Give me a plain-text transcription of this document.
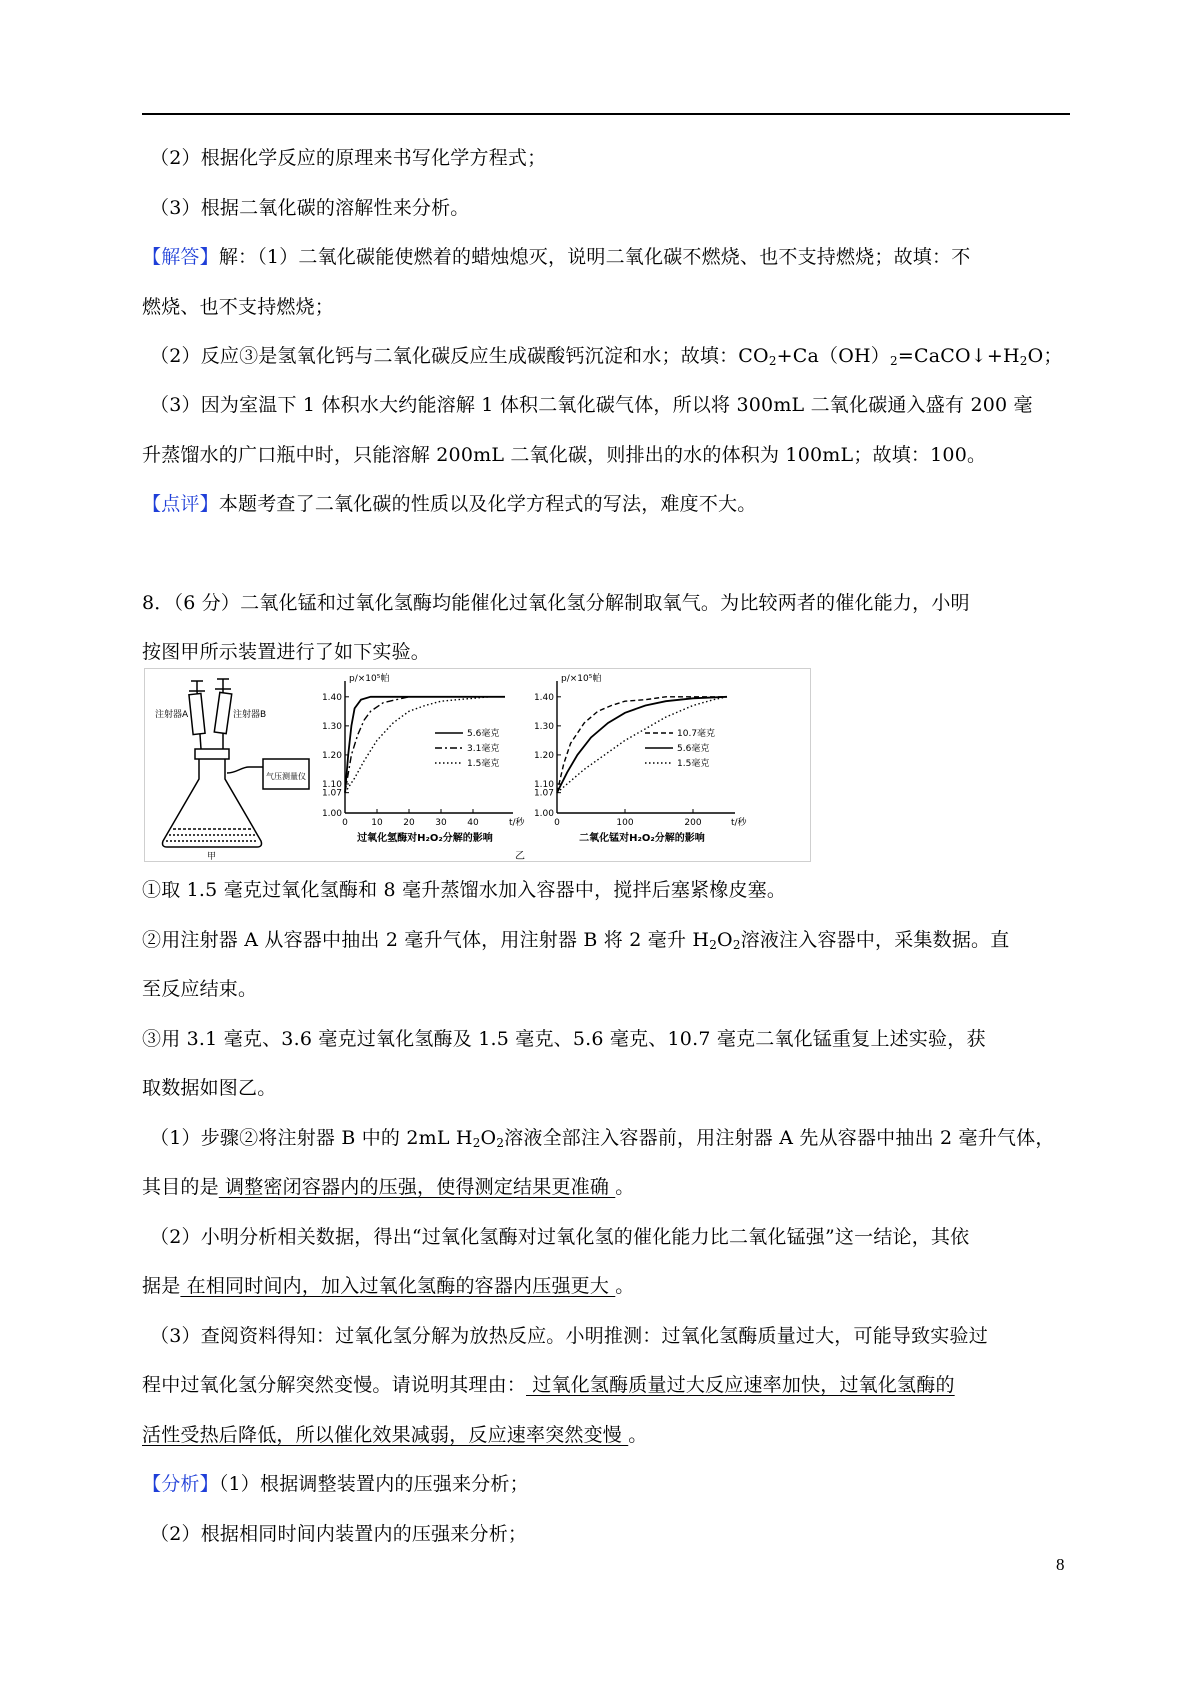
（2）根据化学反应的原理来书写化学方程式；
（3）根据二氧化碳的溶解性来分析。
【解答】解：（1）二氧化碳能使燃着的蜡烛熄灭，说明二氧化碳不燃烧、也不支持燃烧；故填：不
燃烧、也不支持燃烧；
（2）反应③是氢氧化钙与二氧化碳反应生成碳酸钙沉淀和水；故填：$CO_2+Ca(OH)_2=CaCO↓+H_2O$；
（3）因为室温下 1 体积水大约能溶解 1 体积二氧化碳气体，所以将 300mL 二氧化碳通入盛有 200 毫
升蒸馏水的广口瓶中时，只能溶解 200mL 二氧化碳，则排出的水的体积为 100mL；故填：100。
【点评】本题考查了二氧化碳的性质以及化学方程式的写法，难度不大。
8．（6 分）二氧化锰和过氧化氢酶均能催化过氧化氢分解制取氧气。为比较两者的催化能力，小明
按图甲所示装置进行了如下实验。
注射器A	注射器B
气压测量仪
甲	乙
1.00
1.07
1.10
1.20
1.30
1.40
0	10 20 30 40
p/×10⁵帕
t/秒
过氧化氢酶对H₂O₂分解的影响
5.6毫克
3.1毫克
1.5毫克
1.00
1.07
1.10
1.20
1.30
1.40
0	100	200
p/×10⁵帕
t/秒
二氧化锰对H₂O₂分解的影响
10.7毫克
5.6毫克
1.5毫克
①取 1.5 毫克过氧化氢酶和 8 毫升蒸馏水加入容器中，搅拌后塞紧橡皮塞。
②用注射器 A 从容器中抽出 2 毫升气体，用注射器 B 将 2 毫升 $H_2O_2$溶液注入容器中，采集数据。直
至反应结束。
③用 3.1 毫克、3.6 毫克过氧化氢酶及 1.5 毫克、5.6 毫克、10.7 毫克二氧化锰重复上述实验，获
取数据如图乙。
（1）步骤②将注射器 B 中的 2mL $H_2O_2$溶液全部注入容器前，用注射器 A 先从容器中抽出 2 毫升气体，
其目的是 调整密闭容器内的压强，使得测定结果更准确 。
（2）小明分析相关数据，得出“过氧化氢酶对过氧化氢的催化能力比二氧化锰强”这一结论，其依
据是 在相同时间内，加入过氧化氢酶的容器内压强更大 。
（3）查阅资料得知：过氧化氢分解为放热反应。小明推测：过氧化氢酶质量过大，可能导致实验过
程中过氧化氢分解突然变慢。请说明其理由： 过氧化氢酶质量过大反应速率加快，过氧化氢酶的
活性受热后降低，所以催化效果减弱，反应速率突然变慢 。
【分析】（1）根据调整装置内的压强来分析；
（2）根据相同时间内装置内的压强来分析；
8
